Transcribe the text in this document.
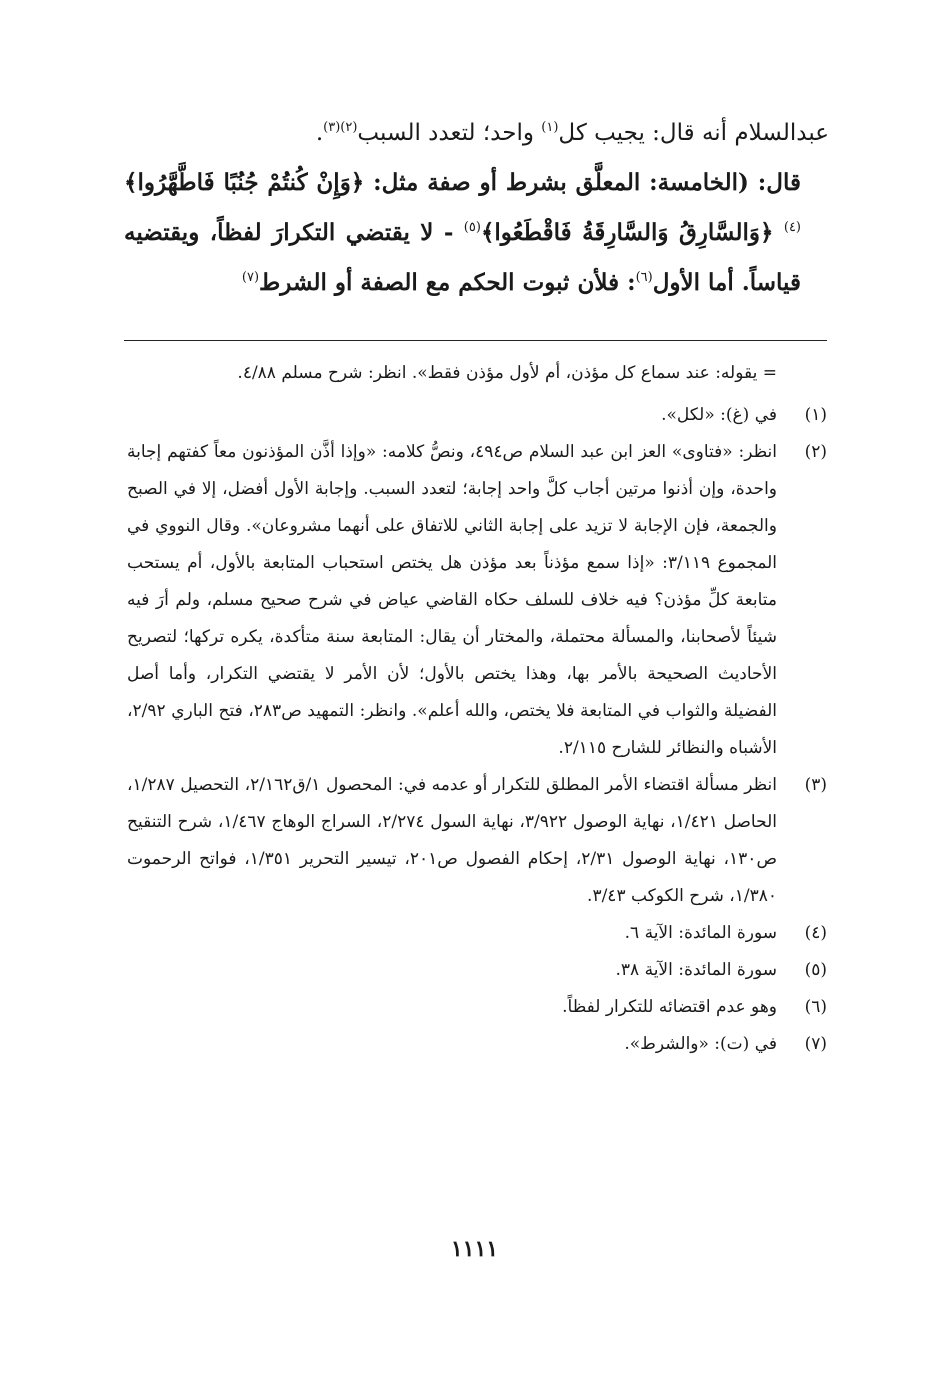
عبدالسلام أنه قال: يجيب كل$^{(١)}$ واحد؛ لتعدد السبب$^{(٢)(٣)}$.

قال: (الخامسة: المعلَّق بشرط أو صفة مثل: ﴿وَإِنْ كُنتُمْ جُنُبًا فَاطَّهَّرُوا﴾$^{(٤)}$ ﴿وَالسَّارِقُ وَالسَّارِقَةُ فَاقْطَعُوا﴾$^{(٥)}$ - لا يقتضي التكرارَ لفظاً، ويقتضيه قياساً. أما الأول$^{(٦)}$: فلأن ثبوت الحكم مع الصفة أو الشرط$^{(٧)}$

= يقوله: عند سماع كل مؤذن، أم لأول مؤذن فقط». انظر: شرح مسلم ٤/٨٨.

(١)
في (غ): «لكل».
(٢)
انظر: «فتاوى» العز ابن عبد السلام ص٤٩٤، ونصُّ كلامه: «وإذا أذَّن المؤذنون معاً كفتهم إجابة واحدة، وإن أذنوا مرتين أجاب كلَّ واحد إجابة؛ لتعدد السبب. وإجابة الأول أفضل، إلا في الصبح والجمعة، فإن الإجابة لا تزيد على إجابة الثاني للاتفاق على أنهما مشروعان». وقال النووي في المجموع ٣/١١٩: «إذا سمع مؤذناً بعد مؤذن هل يختص استحباب المتابعة بالأول، أم يستحب متابعة كلِّ مؤذن؟ فيه خلاف للسلف حكاه القاضي عياض في شرح صحيح مسلم، ولم أرَ فيه شيئاً لأصحابنا، والمسألة محتملة، والمختار أن يقال: المتابعة سنة متأكدة، يكره تركها؛ لتصريح الأحاديث الصحيحة بالأمر بها، وهذا يختص بالأول؛ لأن الأمر لا يقتضي التكرار، وأما أصل الفضيلة والثواب في المتابعة فلا يختص، والله أعلم». وانظر: التمهيد ص٢٨٣، فتح الباري ٢/٩٢، الأشباه والنظائر للشارح ٢/١١٥.
(٣)
انظر مسألة اقتضاء الأمر المطلق للتكرار أو عدمه في: المحصول ١/ق٢/١٦٢، التحصيل ١/٢٨٧، الحاصل ١/٤٢١، نهاية الوصول ٣/٩٢٢، نهاية السول ٢/٢٧٤، السراج الوهاج ١/٤٦٧، شرح التنقيح ص١٣٠، نهاية الوصول ٢/٣١، إحكام الفصول ص٢٠١، تيسير التحرير ١/٣٥١، فواتح الرحموت ١/٣٨٠، شرح الكوكب ٣/٤٣.
(٤)
سورة المائدة: الآية ٦.
(٥)
سورة المائدة: الآية ٣٨.
(٦)
وهو عدم اقتضائه للتكرار لفظاً.
(٧)
في (ت): «والشرط».
١١١١
